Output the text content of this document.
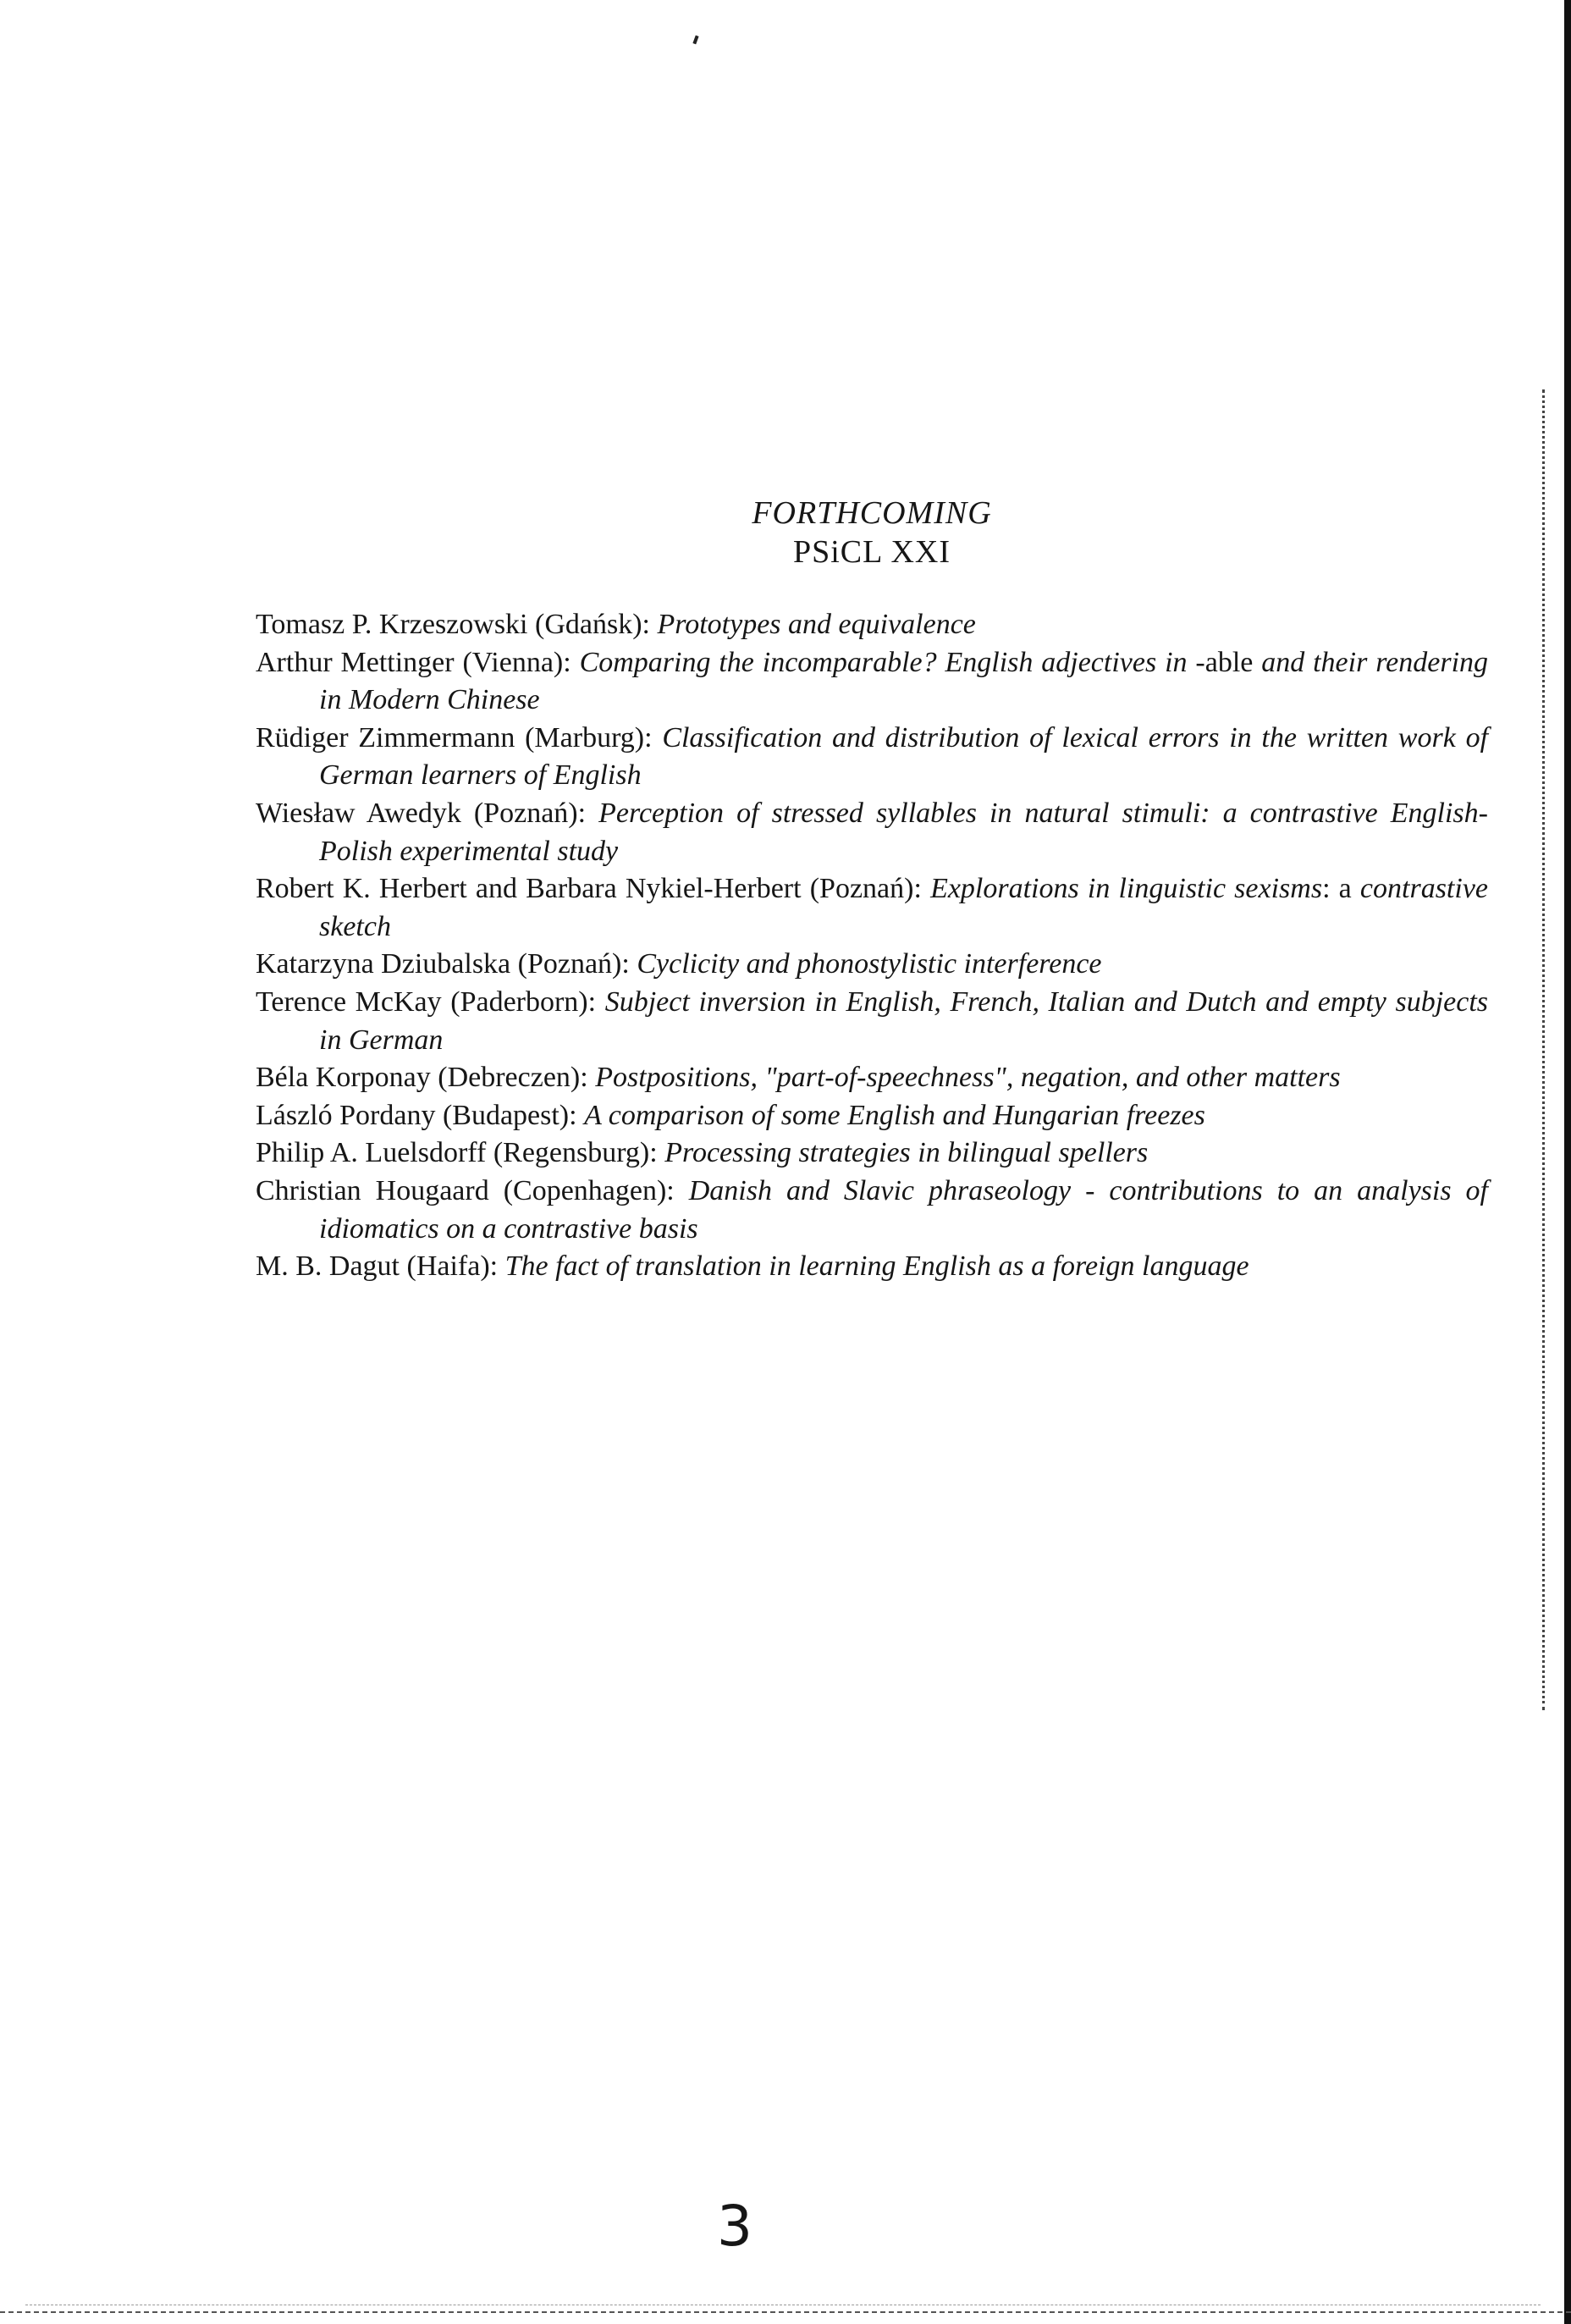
FORTHCOMING
PSiCL XXI
Tomasz P. Krzeszowski (Gdańsk): Prototypes and equivalence
Arthur Mettinger (Vienna): Comparing the incomparable? English adjectives in -able and their rendering in Modern Chinese
Rüdiger Zimmermann (Marburg): Classification and distribution of lexical errors in the written work of German learners of English
Wiesław Awedyk (Poznań): Perception of stressed syllables in natural stimuli: a contrastive English-Polish experimental study
Robert K. Herbert and Barbara Nykiel-Herbert (Poznań): Explorations in linguistic sexisms: a contrastive sketch
Katarzyna Dziubalska (Poznań): Cyclicity and phonostylistic interference
Terence McKay (Paderborn): Subject inversion in English, French, Italian and Dutch and empty subjects in German
Béla Korponay (Debreczen): Postpositions, "part-of-speechness", negation, and other matters
László Pordany (Budapest): A comparison of some English and Hungarian freezes
Philip A. Luelsdorff (Regensburg): Processing strategies in bilingual spellers
Christian Hougaard (Copenhagen): Danish and Slavic phraseology - contributions to an analysis of idiomatics on a contrastive basis
M. B. Dagut (Haifa): The fact of translation in learning English as a foreign language
3
